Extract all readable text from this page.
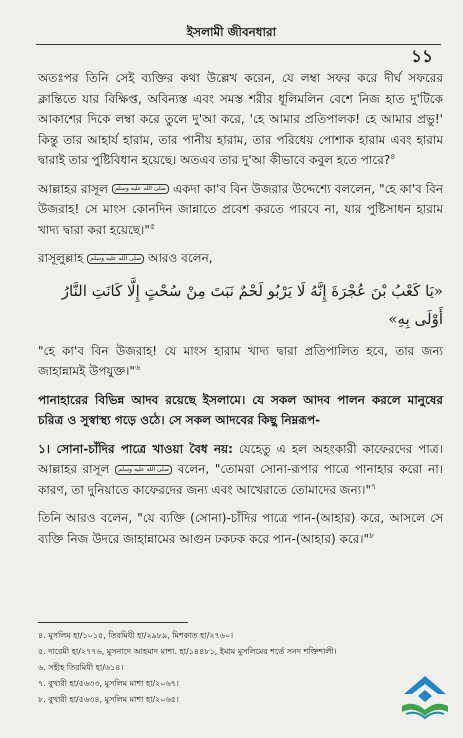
ইসলামী জীবনধারা
১১

অতঃপর তিনি সেই ব্যক্তির কথা উল্লেখ করেন, যে লম্বা সফর করে দীর্ঘ সফরের ক্লান্তিতে যার বিক্ষিপ্ত, অবিন্যস্ত এবং সমস্ত শরীর ধূলিমলিন বেশে নিজ হাত দু'টিকে আকাশের দিকে লম্বা করে তুলে দু'আ করে, 'হে আমার প্রতিপালক! হে আমার প্রভু!' কিন্তু তার আহার্য হারাম, তার পানীয় হারাম, তার পরিধেয় পোশাক হারাম এবং হারাম দ্বারাই তার পুষ্টিবিধান হয়েছে। অতএব তার দু'আ কীভাবে কবুল হতে পারে?$^৪$

আল্লাহর রাসূল صلى الله عليه وسلم একদা কা'ব বিন উজরার উদ্দেশ্যে বললেন, "হে কা'ব বিন উজরাহ! সে মাংস কোনদিন জান্নাতে প্রবেশ করতে পারবে না, যার পুষ্টিসাধন হারাম খাদ্য দ্বারা করা হয়েছে।"$^৫$

রাসূলুল্লাহ صلى الله عليه وسلم আরও বলেন,

«يَا كَعْبُ بْنَ عُجْرَةَ إِنَّهُ لَا يَرْبُو لَحْمٌ نَبَتَ مِنْ سُحْتٍ إِلَّا كَانَتِ النَّارُ أَوْلَى بِهِ»

"হে কা'ব বিন উজরাহ! যে মাংস হারাম খাদ্য দ্বারা প্রতিপালিত হবে, তার জন্য জাহান্নামই উপযুক্ত।"$^৬$

পানাহারের বিভিন্ন আদব রয়েছে ইসলামে। যে সকল আদব পালন করলে মানুষের চরিত্র ও সুস্বাস্থ্য গড়ে ওঠে। সে সকল আদবের কিছু নিম্নরূপ-

১। সোনা-চাঁদির পাত্রে খাওয়া বৈধ নয়: যেহেতু এ হল অহংকারী কাফেরদের পাত্র। আল্লাহর রাসূল صلى الله عليه وسلم বলেন, "তোমরা সোনা-রূপার পাত্রে পানাহার করো না। কারণ, তা দুনিয়াতে কাফেরদের জন্য এবং আখেরাতে তোমাদের জন্য।"$^৭$

তিনি আরও বলেন, "যে ব্যক্তি (সোনা)-চাঁদির পাত্রে পান-(আহার) করে, আসলে সে ব্যক্তি নিজ উদরে জাহান্নামের আগুন ঢকঢক করে পান-(আহার) করে।"$^৮$

৪. মুসলিম হা/১০১৫, তিরমিযী হা/২৯৮৯, মিশকাত হা/২৭৬০।
৫. দারেমী হা/২৭৭৬, মুসনাদে আহমাদ মাশা. হা/১৪৪৮১, ইমাম মুসলিমের শর্তে সনদ শক্তিশালী।
৬. সহীহ তিরমিযী হা/৬১৪।
৭. বুখারী হা/৫৬৩৩, মুসলিম মাশা হা/২০৬৭।
৮. বুখারী হা/৫৬৩৪, মুসলিম মাশা হা/২০৬৫।
